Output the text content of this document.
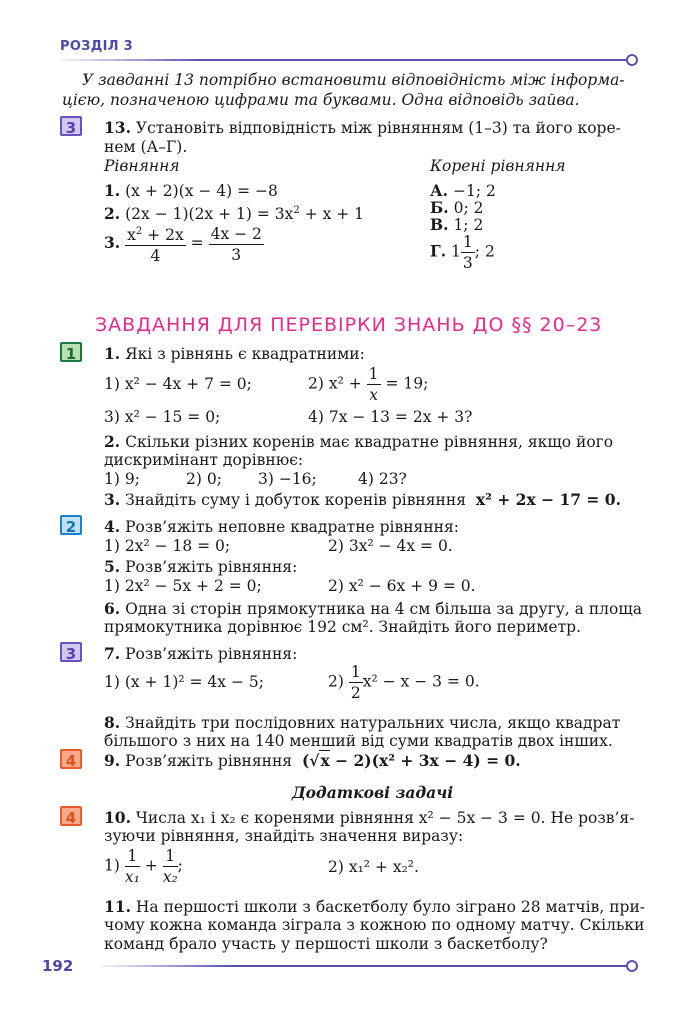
РОЗДІЛ 3
У завданні 13 потрібно встановити відповідність між інформа-
цією, позначеною цифрами та буквами. Одна відповідь зайва.
3	13. Установіть відповідність між рівнянням (1–3) та його коре-
нем (А–Г).
Рівняння	Корені рівняння
1. (x + 2)(x − 4) = −8
2. $(2x - 1)(2x + 1) = 3x^2 + x + 1$
3. $\frac{x^2 + 2x}{4} = \frac{4x - 2}{3}$
А. −1; 2
Б. 0; 2
В. 1; 2
Г. $1 \frac{1}{3}$ ; 2
ЗАВДАННЯ ДЛЯ ПЕРЕВІРКИ ЗНАНЬ ДО §§ 20–23
1	1. Які з рівнянь є квадратними:
1) x² − 4x + 7 = 0;	2) $x^2 + \frac{1}{x} = 19$;
3) x² − 15 = 0;	4) 7x − 13 = 2x + 3?
2. Скільки різних коренів має квадратне рівняння, якщо його
дискримінант дорівнює:
1) 9;	2) 0; 3) −16;	4) 23?
3. Знайдіть суму і добуток коренів рівняння x² + 2x − 17 = 0.
2	4. Розв’яжіть неповне квадратне рівняння:
1) 2x² − 18 = 0;	2) 3x² − 4x = 0.
5. Розв’яжіть рівняння:
1) 2x² − 5x + 2 = 0;	2) x² − 6x + 9 = 0.
6. Одна зі сторін прямокутника на 4 см більша за другу, а площа
прямокутника дорівнює 192 см². Знайдіть його периметр.
3	7. Розв’яжіть рівняння:
1) (x + 1)² = 4x − 5;	$2) \frac{1}{2} x^2 - x - 3 = 0$.
8. Знайдіть три послідовних натуральних числа, якщо квадрат
більшого з них на 140 менший від суми квадратів двох інших.
4	9. Розв’яжіть рівняння (√x − 2)(x² + 3x − 4) = 0.
Додаткові задачі
4	10. Числа x₁ і x₂ є коренями рівняння x² − 5x − 3 = 0. Не розв’я-
зуючи рівняння, знайдіть значення виразу:
$1) \frac{1}{\text{x₁}} + \frac{1}{\text{x₂}}$ ;	2) x₁² + x₂².
11. На першості школи з баскетболу було зіграно 28 матчів, при-
чому кожна команда зіграла з кожною по одному матчу. Скільки
команд брало участь у першості школи з баскетболу?
192
